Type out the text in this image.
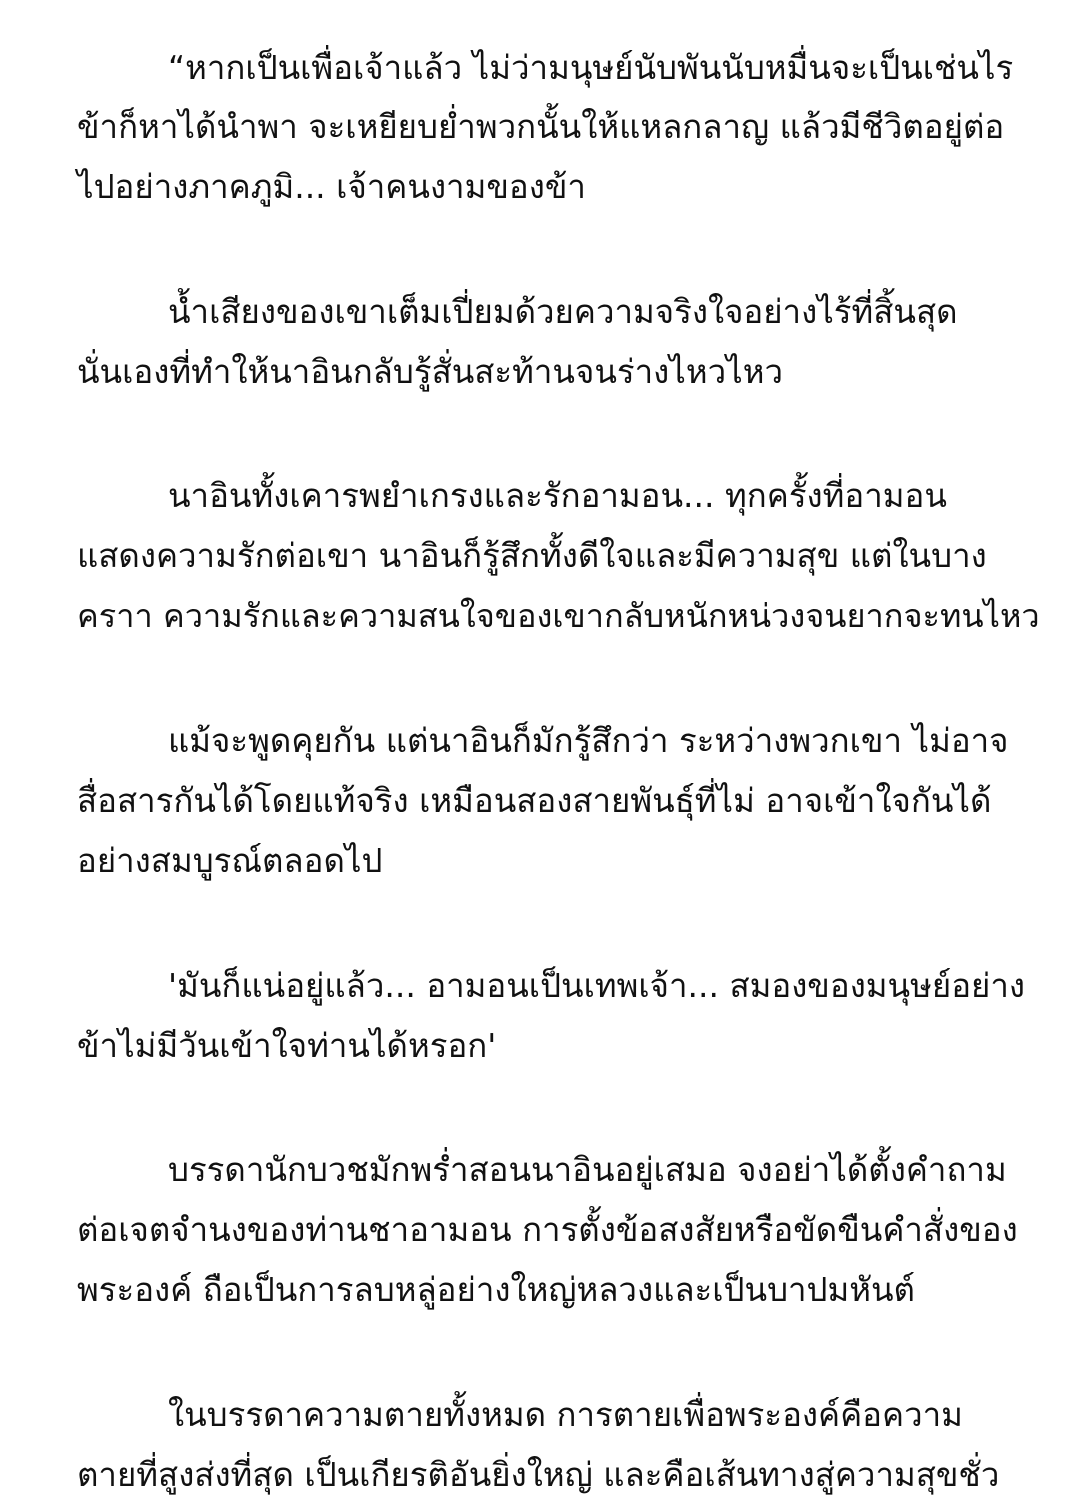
“หากเป็นเพื่อเจ้าแล้ว ไม่ว่ามนุษย์นับพันนับหมื่นจะเป็นเช่นไร
ข้าก็หาได้นำพา จะเหยียบย่ำพวกนั้นให้แหลกลาญ แล้วมีชีวิตอยู่ต่อ
ไปอย่างภาคภูมิ... เจ้าคนงามของข้า
น้ำเสียงของเขาเต็มเปี่ยมด้วยความจริงใจอย่างไร้ที่สิ้นสุด
นั่นเองที่ทำให้นาอินกลับรู้สั่นสะท้านจนร่างไหวไหว
นาอินทั้งเคารพยำเกรงและรักอามอน... ทุกครั้งที่อามอน
แสดงความรักต่อเขา นาอินก็รู้สึกทั้งดีใจและมีความสุข แต่ในบาง
คราา ความรักและความสนใจของเขากลับหนักหน่วงจนยากจะทนไหว
แม้จะพูดคุยกัน แต่นาอินก็มักรู้สึกว่า ระหว่างพวกเขา ไม่อาจ
สื่อสารกันได้โดยแท้จริง เหมือนสองสายพันธุ์ที่ไม่ อาจเข้าใจกันได้
อย่างสมบูรณ์ตลอดไป
'มันก็แน่อยู่แล้ว... อามอนเป็นเทพเจ้า... สมองของมนุษย์อย่าง
ข้าไม่มีวันเข้าใจท่านได้หรอก'
บรรดานักบวชมักพร่ำสอนนาอินอยู่เสมอ จงอย่าได้ตั้งคำถาม
ต่อเจตจำนงของท่านชาอามอน การตั้งข้อสงสัยหรือขัดขืนคำสั่งของ
พระองค์ ถือเป็นการลบหลู่อย่างใหญ่หลวงและเป็นบาปมหันต์
ในบรรดาความตายทั้งหมด การตายเพื่อพระองค์คือความ
ตายที่สูงส่งที่สุด เป็นเกียรติอันยิ่งใหญ่ และคือเส้นทางสู่ความสุขชั่ว
